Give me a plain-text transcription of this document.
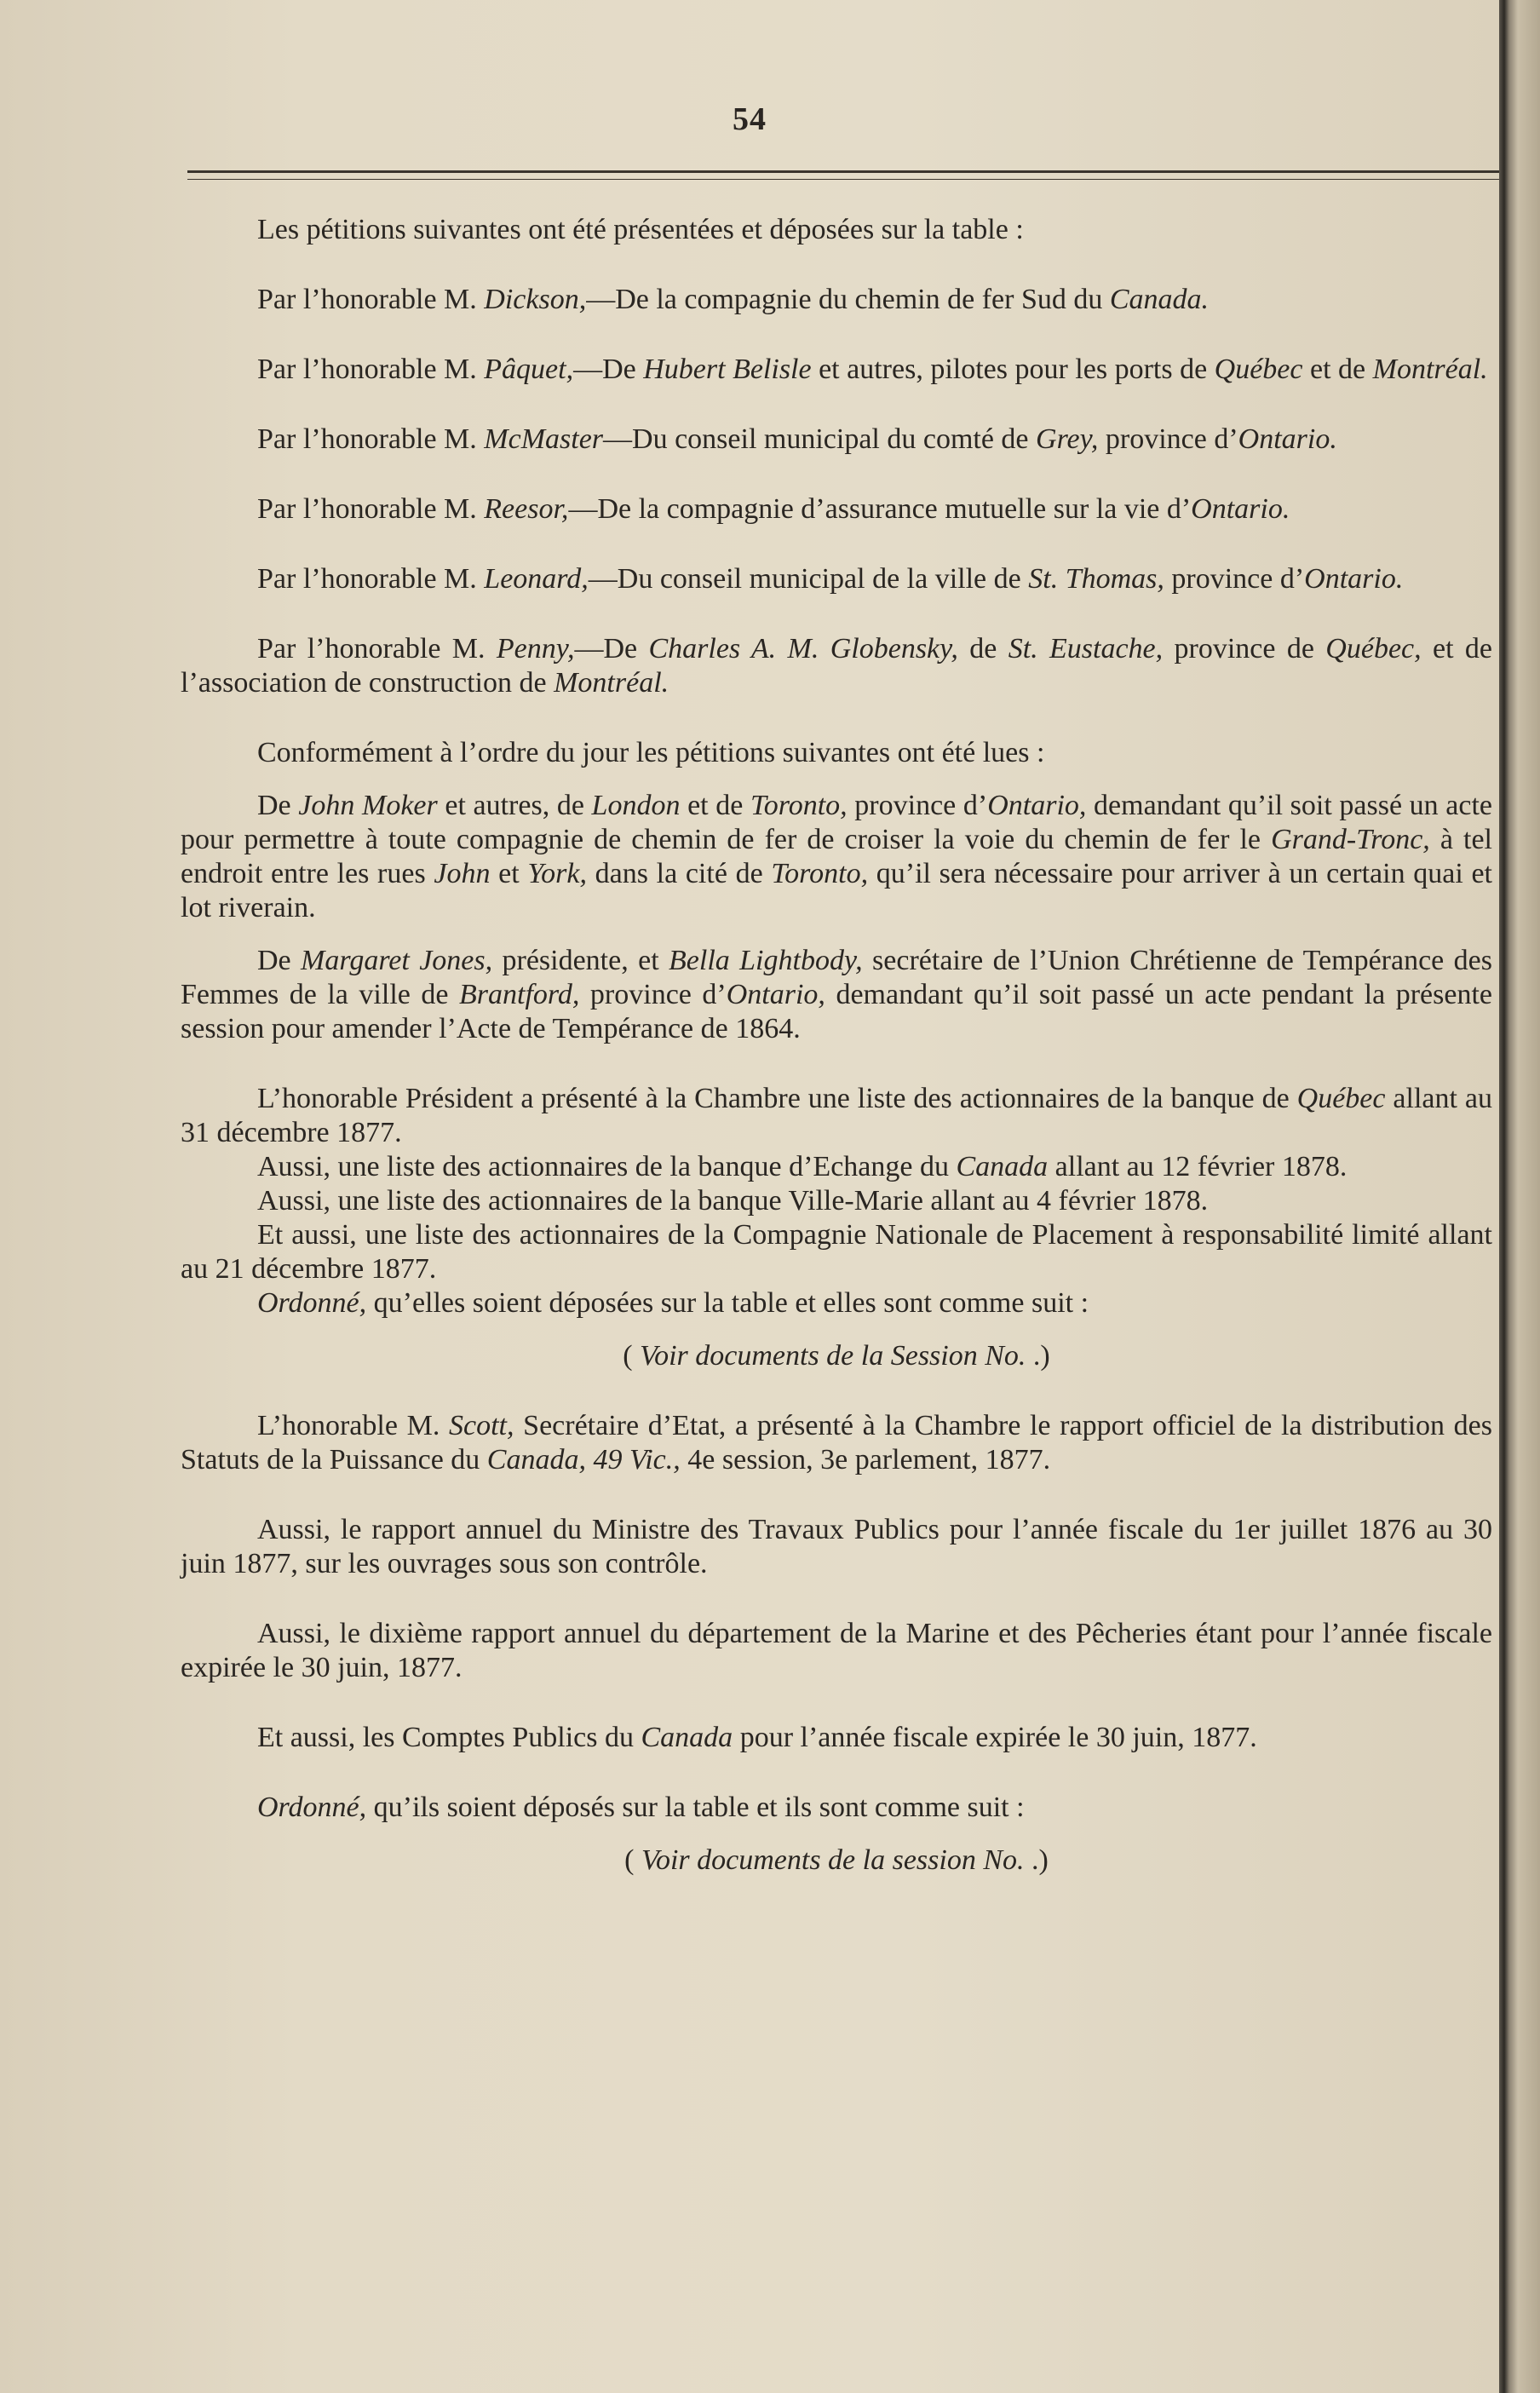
54

Les pétitions suivantes ont été présentées et déposées sur la table :

Par l’honorable M. Dickson,—De la compagnie du chemin de fer Sud du Canada.

Par l’honorable M. Pâquet,—De Hubert Belisle et autres, pilotes pour les ports de Québec et de Montréal.

Par l’honorable M. McMaster—Du conseil municipal du comté de Grey, province d’Ontario.

Par l’honorable M. Reesor,—De la compagnie d’assurance mutuelle sur la vie d’Ontario.

Par l’honorable M. Leonard,—Du conseil municipal de la ville de St. Thomas, province d’Ontario.

Par l’honorable M. Penny,—De Charles A. M. Globensky, de St. Eustache, province de Québec, et de l’association de construction de Montréal.

Conformément à l’ordre du jour les pétitions suivantes ont été lues :

De John Moker et autres, de London et de Toronto, province d’Ontario, demandant qu’il soit passé un acte pour permettre à toute compagnie de chemin de fer de croiser la voie du chemin de fer le Grand-Tronc, à tel endroit entre les rues John et York, dans la cité de Toronto, qu’il sera nécessaire pour arriver à un certain quai et lot riverain.

De Margaret Jones, présidente, et Bella Lightbody, secrétaire de l’Union Chrétienne de Tempérance des Femmes de la ville de Brantford, province d’Ontario, demandant qu’il soit passé un acte pendant la présente session pour amender l’Acte de Tempérance de 1864.

L’honorable Président a présenté à la Chambre une liste des actionnaires de la banque de Québec allant au 31 décembre 1877.

Aussi, une liste des actionnaires de la banque d’Echange du Canada allant au 12 février 1878.

Aussi, une liste des actionnaires de la banque Ville-Marie allant au 4 février 1878.

Et aussi, une liste des actionnaires de la Compagnie Nationale de Placement à responsabilité limité allant au 21 décembre 1877.

Ordonné, qu’elles soient déposées sur la table et elles sont comme suit :

( Voir documents de la Session No. .)

L’honorable M. Scott, Secrétaire d’Etat, a présenté à la Chambre le rapport officiel de la distribution des Statuts de la Puissance du Canada, 49 Vic., 4e session, 3e parlement, 1877.

Aussi, le rapport annuel du Ministre des Travaux Publics pour l’année fiscale du 1er juillet 1876 au 30 juin 1877, sur les ouvrages sous son contrôle.

Aussi, le dixième rapport annuel du département de la Marine et des Pêcheries étant pour l’année fiscale expirée le 30 juin, 1877.

Et aussi, les Comptes Publics du Canada pour l’année fiscale expirée le 30 juin, 1877.

Ordonné, qu’ils soient déposés sur la table et ils sont comme suit :

( Voir documents de la session No. .)
